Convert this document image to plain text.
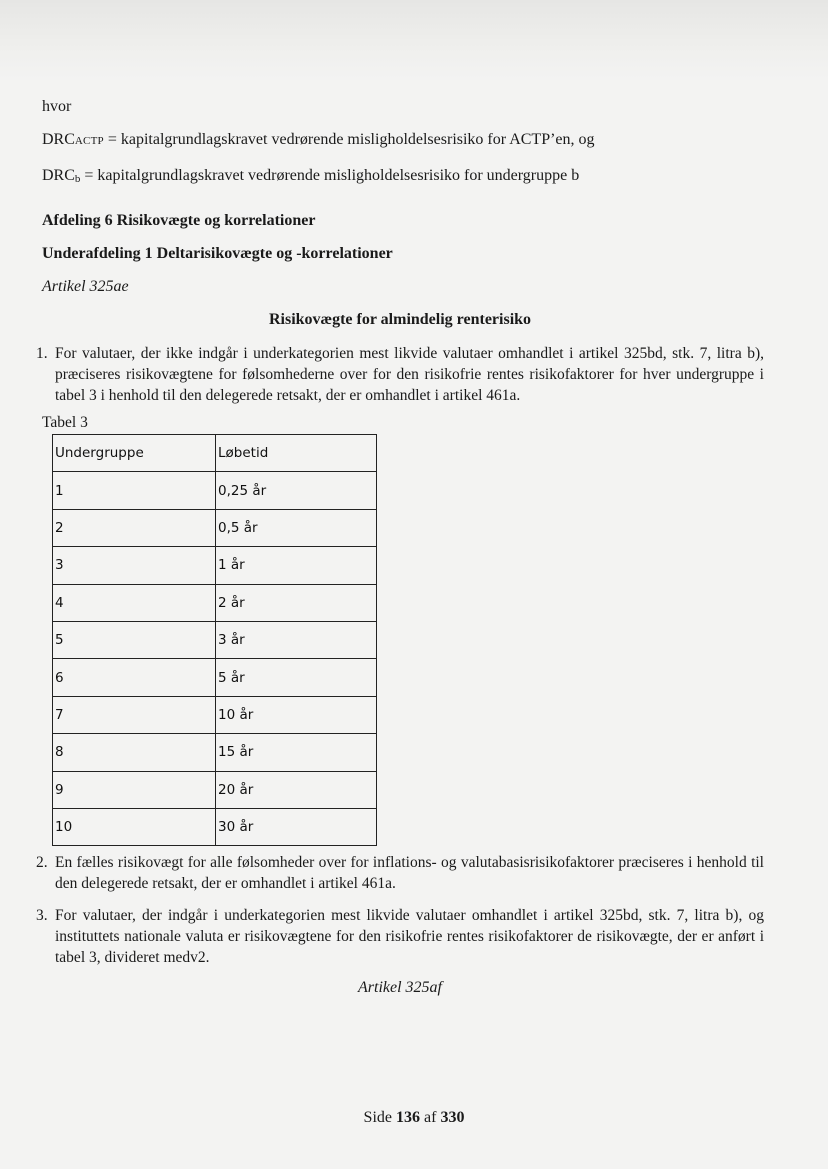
hvor

DRCACTP = kapitalgrundlagskravet vedrørende misligholdelsesrisiko for ACTP’en, og

DRCb = kapitalgrundlagskravet vedrørende misligholdelsesrisiko for undergruppe b

Afdeling 6 Risikovægte og korrelationer

Underafdeling 1 Deltarisikovægte og -korrelationer

Artikel 325ae

Risikovægte for almindelig renterisiko

1. For valutaer, der ikke indgår i underkategorien mest likvide valutaer omhandlet i artikel 325bd, stk. 7, litra b), præciseres risikovægtene for følsomhederne over for den risikofrie rentes risikofaktorer for hver undergruppe i tabel 3 i henhold til den delegerede retsakt, der er omhandlet i artikel 461a.

Tabel 3

Undergruppe	Løbetid
1	0,25 år
2	0,5 år
3	1 år
4	2 år
5	3 år
6	5 år
7	10 år
8	15 år
9	20 år
10	30 år
2. En fælles risikovægt for alle følsomheder over for inflations- og valutabasisrisikofaktorer præciseres i henhold til den delegerede retsakt, der er omhandlet i artikel 461a.

3. For valutaer, der indgår i underkategorien mest likvide valutaer omhandlet i artikel 325bd, stk. 7, litra b), og instituttets nationale valuta er risikovægtene for den risikofrie rentes risikofaktorer de risikovægte, der er anført i tabel 3, divideret medv2.

Artikel 325af

Side 136 af 330
